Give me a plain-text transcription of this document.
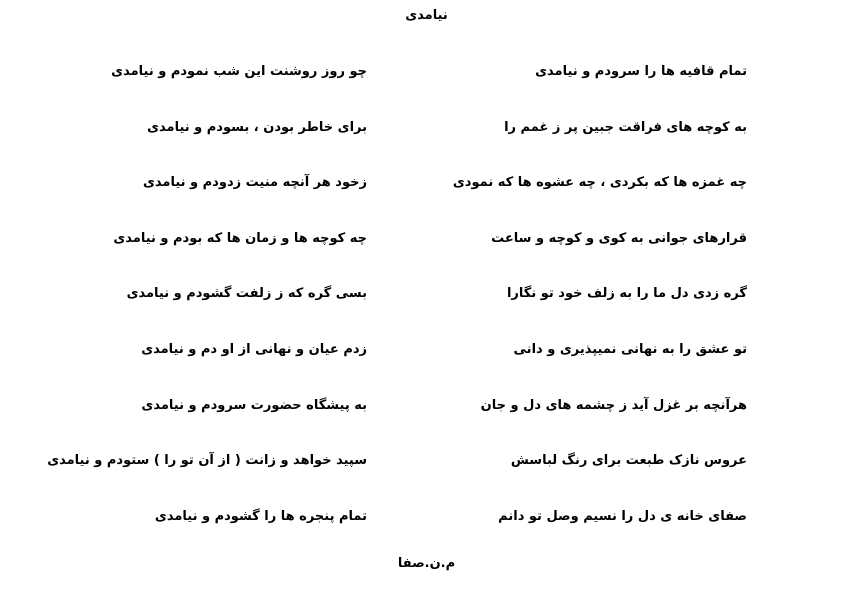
نیامدی
تمام قافیه ها را سرودم و نیامدی
چو روز روشنت این شب نمودم و نیامدی
به کوچه های فراقت جبین پر ز غمم را
برای خاطر بودن ، بسودم و نیامدی
چه غمزه ها که بکردی ، چه عشوه ها که نمودی
زخود هر آنچه منیت زدودم و نیامدی
قرارهای جوانی به کوی و کوچه و ساعت
چه کوچه ها و زمان ها که بودم و نیامدی
گره زدی دل ما را به زلف خود تو نگارا
بسی گره که ز زلفت گشودم و نیامدی
تو عشق را به نهانی نمیپذیری و دانی
زدم عیان و نهانی از او دم و نیامدی
هرآنچه بر غزل آید ز چشمه های دل و جان
به پیشگاه حضورت سرودم و نیامدی
عروس نازک طبعت برای رنگ لباسش
سپید خواهد و زانت ( از آن تو را ) ستودم و نیامدی
صفای خانه ی دل را نسیم وصل تو دانم
تمام پنجره ها را گشودم و نیامدی
م.ن.صفا
